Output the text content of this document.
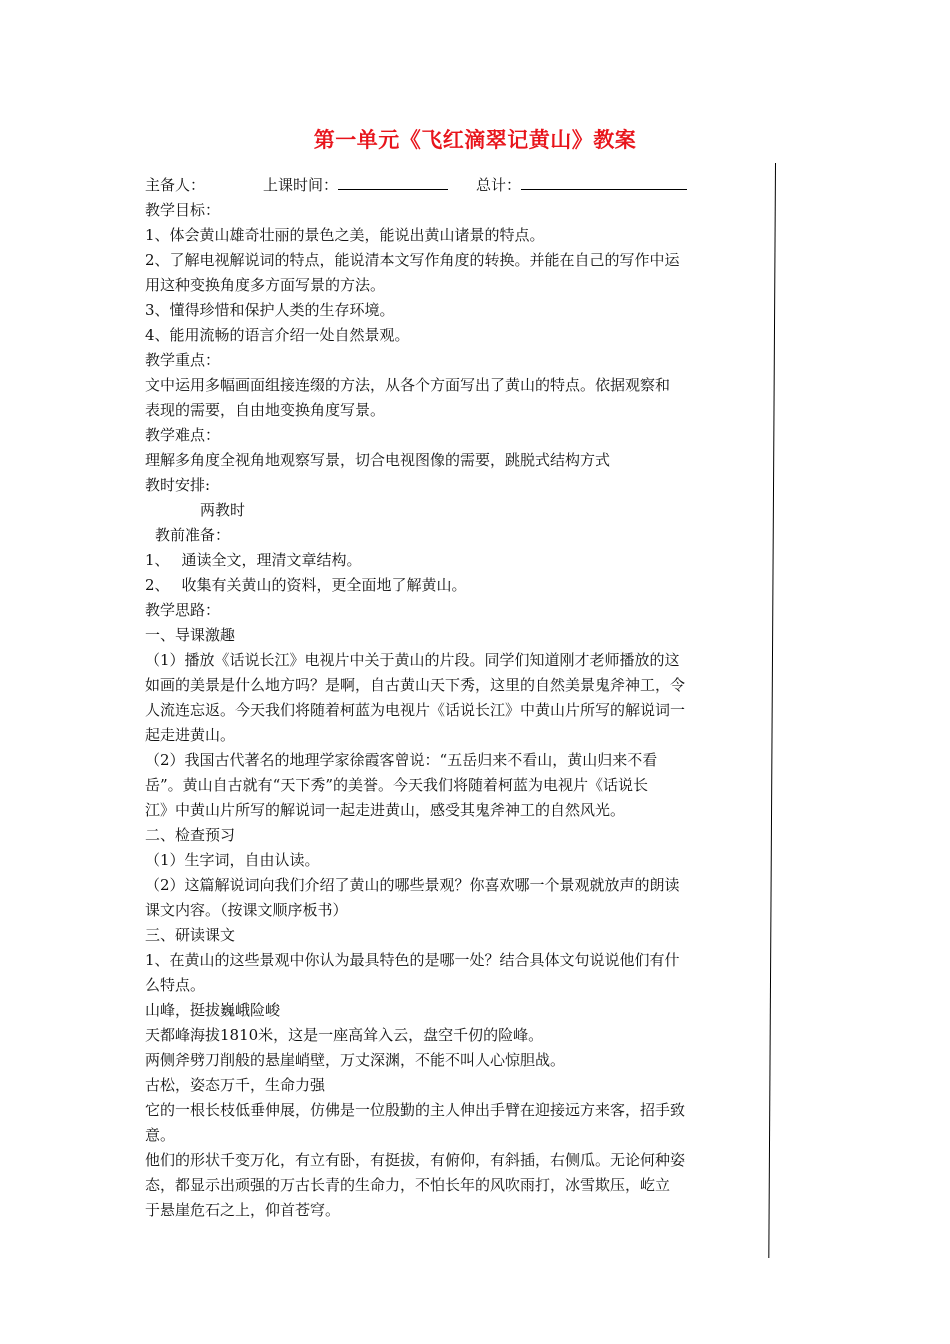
第一单元《飞红滴翠记黄山》教案

主备人：	上课时间：	总计：

教学目标：

1、体会黄山雄奇壮丽的景色之美，能说出黄山诸景的特点。

2、了解电视解说词的特点，能说清本文写作角度的转换。并能在自己的写作中运

用这种变换角度多方面写景的方法。

3、懂得珍惜和保护人类的生存环境。

4、能用流畅的语言介绍一处自然景观。

教学重点：

文中运用多幅画面组接连缀的方法，从各个方面写出了黄山的特点。依据观察和

表现的需要，自由地变换角度写景。

教学难点：

理解多角度全视角地观察写景，切合电视图像的需要，跳脱式结构方式

教时安排:

两教时

教前准备：

1、 通读全文，理清文章结构。

2、 收集有关黄山的资料，更全面地了解黄山。

教学思路：

一、导课激趣

（1）播放《话说长江》电视片中关于黄山的片段。同学们知道刚才老师播放的这

如画的美景是什么地方吗？是啊，自古黄山天下秀，这里的自然美景鬼斧神工，令

人流连忘返。今天我们将随着柯蓝为电视片《话说长江》中黄山片所写的解说词一

起走进黄山。

（2）我国古代著名的地理学家徐霞客曾说：“五岳归来不看山，黄山归来不看

岳”。黄山自古就有“天下秀”的美誉。今天我们将随着柯蓝为电视片《话说长

江》中黄山片所写的解说词一起走进黄山，感受其鬼斧神工的自然风光。

二、检查预习

（1）生字词，自由认读。

（2）这篇解说词向我们介绍了黄山的哪些景观？你喜欢哪一个景观就放声的朗读

课文内容。（按课文顺序板书）

三、研读课文

1、在黄山的这些景观中你认为最具特色的是哪一处？结合具体文句说说他们有什

么特点。

山峰，挺拔巍峨险峻

天都峰海拔1810米，这是一座高耸入云，盘空千仞的险峰。

两侧斧劈刀削般的悬崖峭壁，万丈深渊，不能不叫人心惊胆战。

古松，姿态万千，生命力强

它的一根长枝低垂伸展，仿佛是一位殷勤的主人伸出手臂在迎接远方来客，招手致

意。

他们的形状千变万化，有立有卧，有挺拔，有俯仰，有斜插，右侧瓜。无论何种姿

态，都显示出顽强的万古长青的生命力，不怕长年的风吹雨打，冰雪欺压，屹立

于悬崖危石之上，仰首苍穹。
